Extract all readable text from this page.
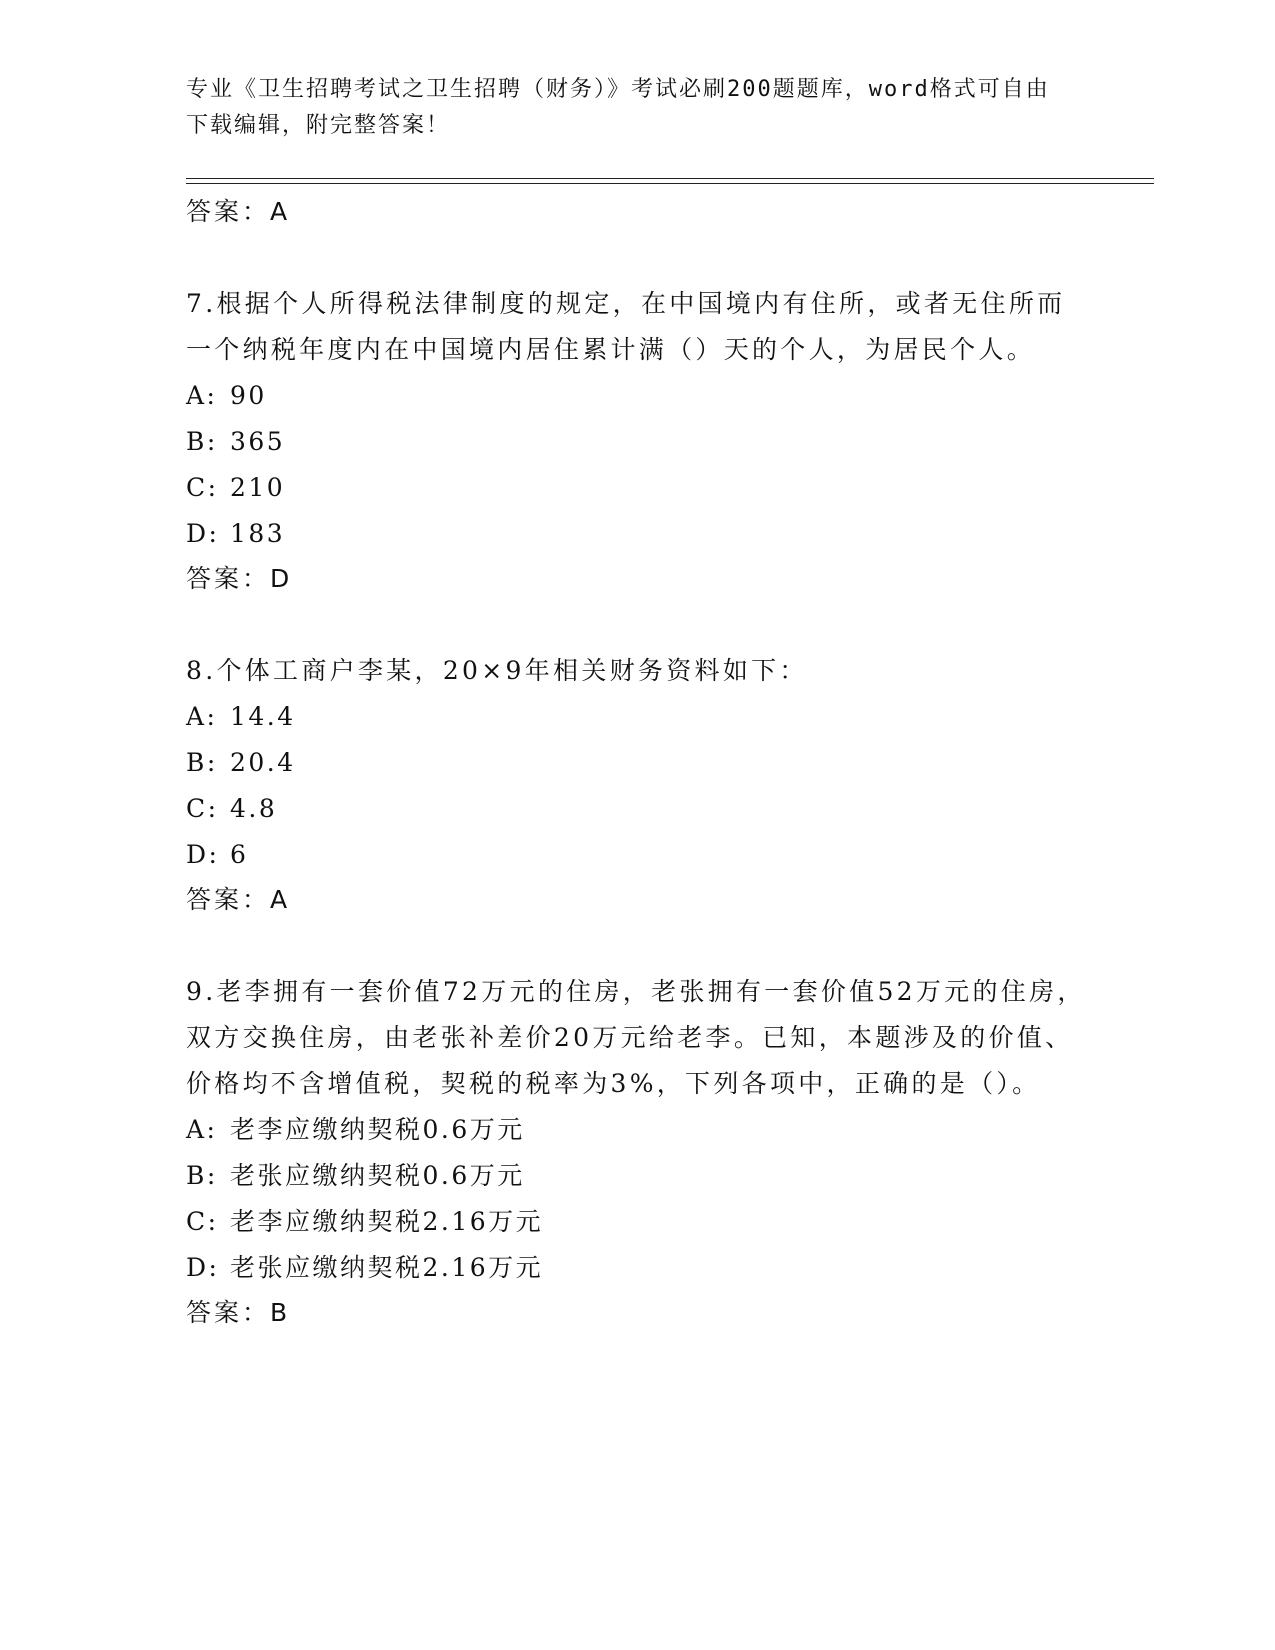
专业《卫生招聘考试之卫生招聘（财务）》考试必刷200题题库，word格式可自由下载编辑，附完整答案！
答案：A
7.根据个人所得税法律制度的规定，在中国境内有住所，或者无住所而一个纳税年度内在中国境内居住累计满（）天的个人，为居民个人。
A: 90
B: 365
C: 210
D: 183
答案：D
8.个体工商户李某，20×9年相关财务资料如下：
A: 14.4
B: 20.4
C: 4.8
D: 6
答案：A
9.老李拥有一套价值72万元的住房，老张拥有一套价值52万元的住房，双方交换住房，由老张补差价20万元给老李。已知，本题涉及的价值、价格均不含增值税，契税的税率为3%，下列各项中，正确的是（）。
A: 老李应缴纳契税0.6万元
B: 老张应缴纳契税0.6万元
C: 老李应缴纳契税2.16万元
D: 老张应缴纳契税2.16万元
答案：B
